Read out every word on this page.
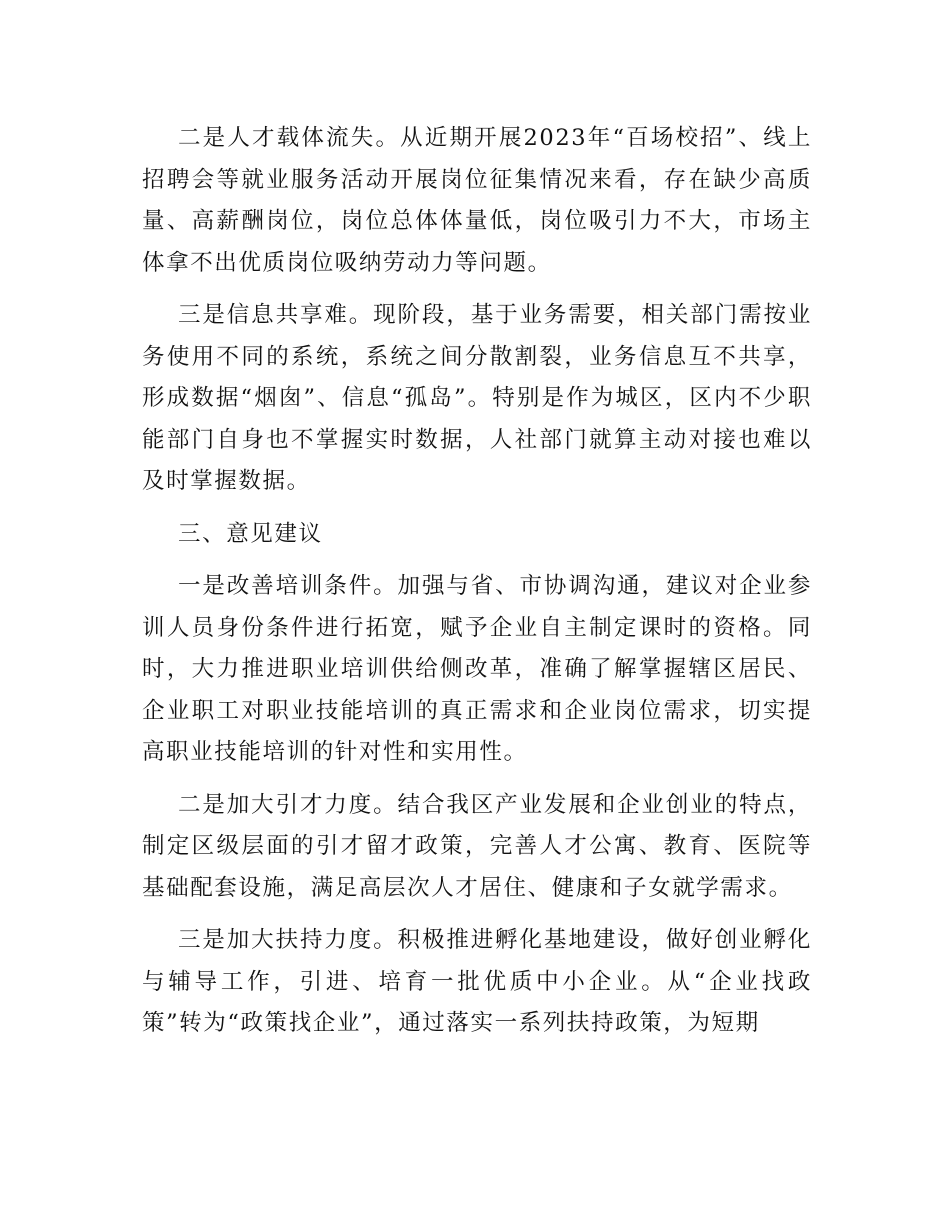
二是人才载体流失。从近期开展2023年“百场校招”、线上招聘会等就业服务活动开展岗位征集情况来看，存在缺少高质量、高薪酬岗位，岗位总体体量低，岗位吸引力不大，市场主体拿不出优质岗位吸纳劳动力等问题。

三是信息共享难。现阶段，基于业务需要，相关部门需按业务使用不同的系统，系统之间分散割裂，业务信息互不共享，形成数据“烟囱”、信息“孤岛”。特别是作为城区，区内不少职能部门自身也不掌握实时数据，人社部门就算主动对接也难以及时掌握数据。

三、意见建议

一是改善培训条件。加强与省、市协调沟通，建议对企业参训人员身份条件进行拓宽，赋予企业自主制定课时的资格。同时，大力推进职业培训供给侧改革，准确了解掌握辖区居民、企业职工对职业技能培训的真正需求和企业岗位需求，切实提高职业技能培训的针对性和实用性。

二是加大引才力度。结合我区产业发展和企业创业的特点，制定区级层面的引才留才政策，完善人才公寓、教育、医院等基础配套设施，满足高层次人才居住、健康和子女就学需求。

三是加大扶持力度。积极推进孵化基地建设，做好创业孵化与辅导工作，引进、培育一批优质中小企业。从“企业找政策”转为“政策找企业”，通过落实一系列扶持政策，为短期
